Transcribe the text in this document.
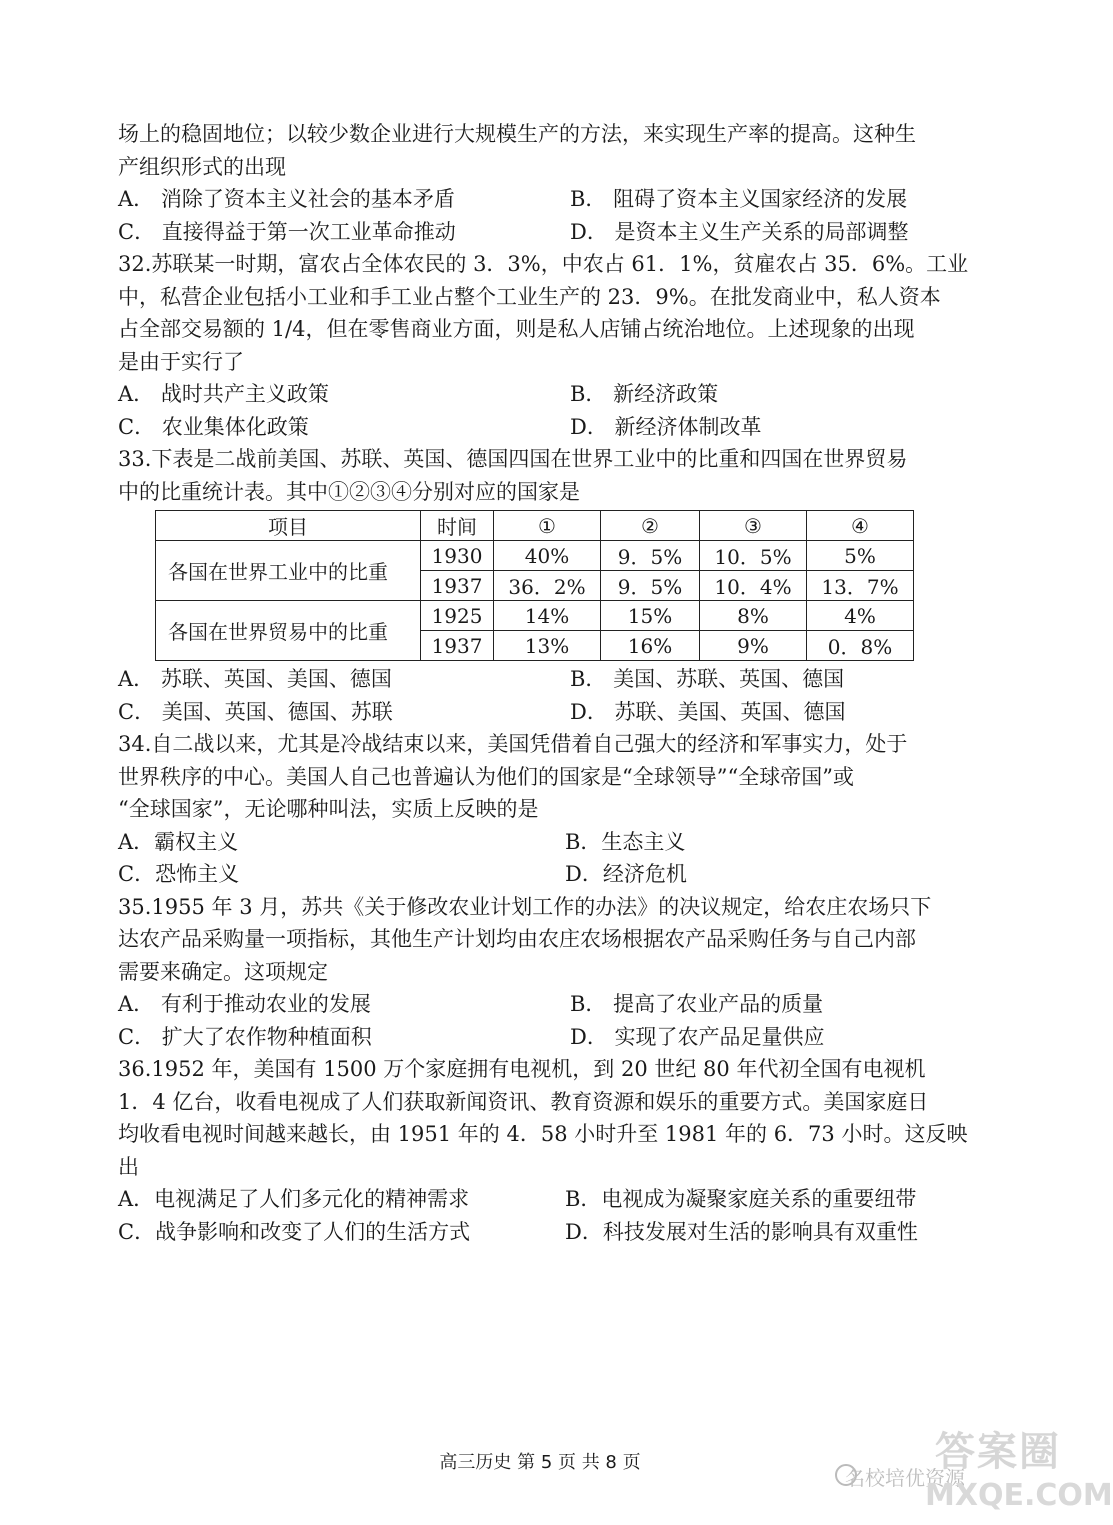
场上的稳固地位；以较少数企业进行大规模生产的方法，来实现生产率的提高。这种生
产组织形式的出现
A． 消除了资本主义社会的基本矛盾	B． 阻碍了资本主义国家经济的发展
C． 直接得益于第一次工业革命推动	D． 是资本主义生产关系的局部调整
32.苏联某一时期，富农占全体农民的 3．3%，中农占 61．1%，贫雇农占 35．6%。工业
中，私营企业包括小工业和手工业占整个工业生产的 23．9%。在批发商业中，私人资本
占全部交易额的 1/4，但在零售商业方面，则是私人店铺占统治地位。上述现象的出现
是由于实行了
A． 战时共产主义政策	B． 新经济政策
C． 农业集体化政策	D． 新经济体制改革
33.下表是二战前美国、苏联、英国、德国四国在世界工业中的比重和四国在世界贸易
中的比重统计表。其中①②③④分别对应的国家是
项目	时间	①	②	③	④
各国在世界工业中的比重	1930	40%	9．5%	10．5%	5%
	1937	36．2%	9．5%	10．4%	13．7%
各国在世界贸易中的比重	1925	14%	15%	8%	4%
	1937	13%	16%	9%	0．8%
A． 苏联、英国、美国、德国	B． 美国、苏联、英国、德国
C． 美国、英国、德国、苏联	D． 苏联、美国、英国、德国
34.自二战以来，尤其是冷战结束以来，美国凭借着自己强大的经济和军事实力，处于
世界秩序的中心。美国人自己也普遍认为他们的国家是“全球领导”“全球帝国”或
“全球国家”，无论哪种叫法，实质上反映的是
A．霸权主义	B．生态主义
C．恐怖主义	D．经济危机
35.1955 年 3 月，苏共《关于修改农业计划工作的办法》的决议规定，给农庄农场只下
达农产品采购量一项指标，其他生产计划均由农庄农场根据农产品采购任务与自己内部
需要来确定。这项规定
A． 有利于推动农业的发展	B． 提高了农业产品的质量
C． 扩大了农作物种植面积	D． 实现了农产品足量供应
36.1952 年，美国有 1500 万个家庭拥有电视机，到 20 世纪 80 年代初全国有电视机
1．4 亿台，收看电视成了人们获取新闻资讯、教育资源和娱乐的重要方式。美国家庭日
均收看电视时间越来越长，由 1951 年的 4．58 小时升至 1981 年的 6．73 小时。这反映
出
A．电视满足了人们多元化的精神需求	B．电视成为凝聚家庭关系的重要纽带
C．战争影响和改变了人们的生活方式	D．科技发展对生活的影响具有双重性
高三历史 第 5 页 共 8 页	答案圈
名校培优资源
MXQE.COM
